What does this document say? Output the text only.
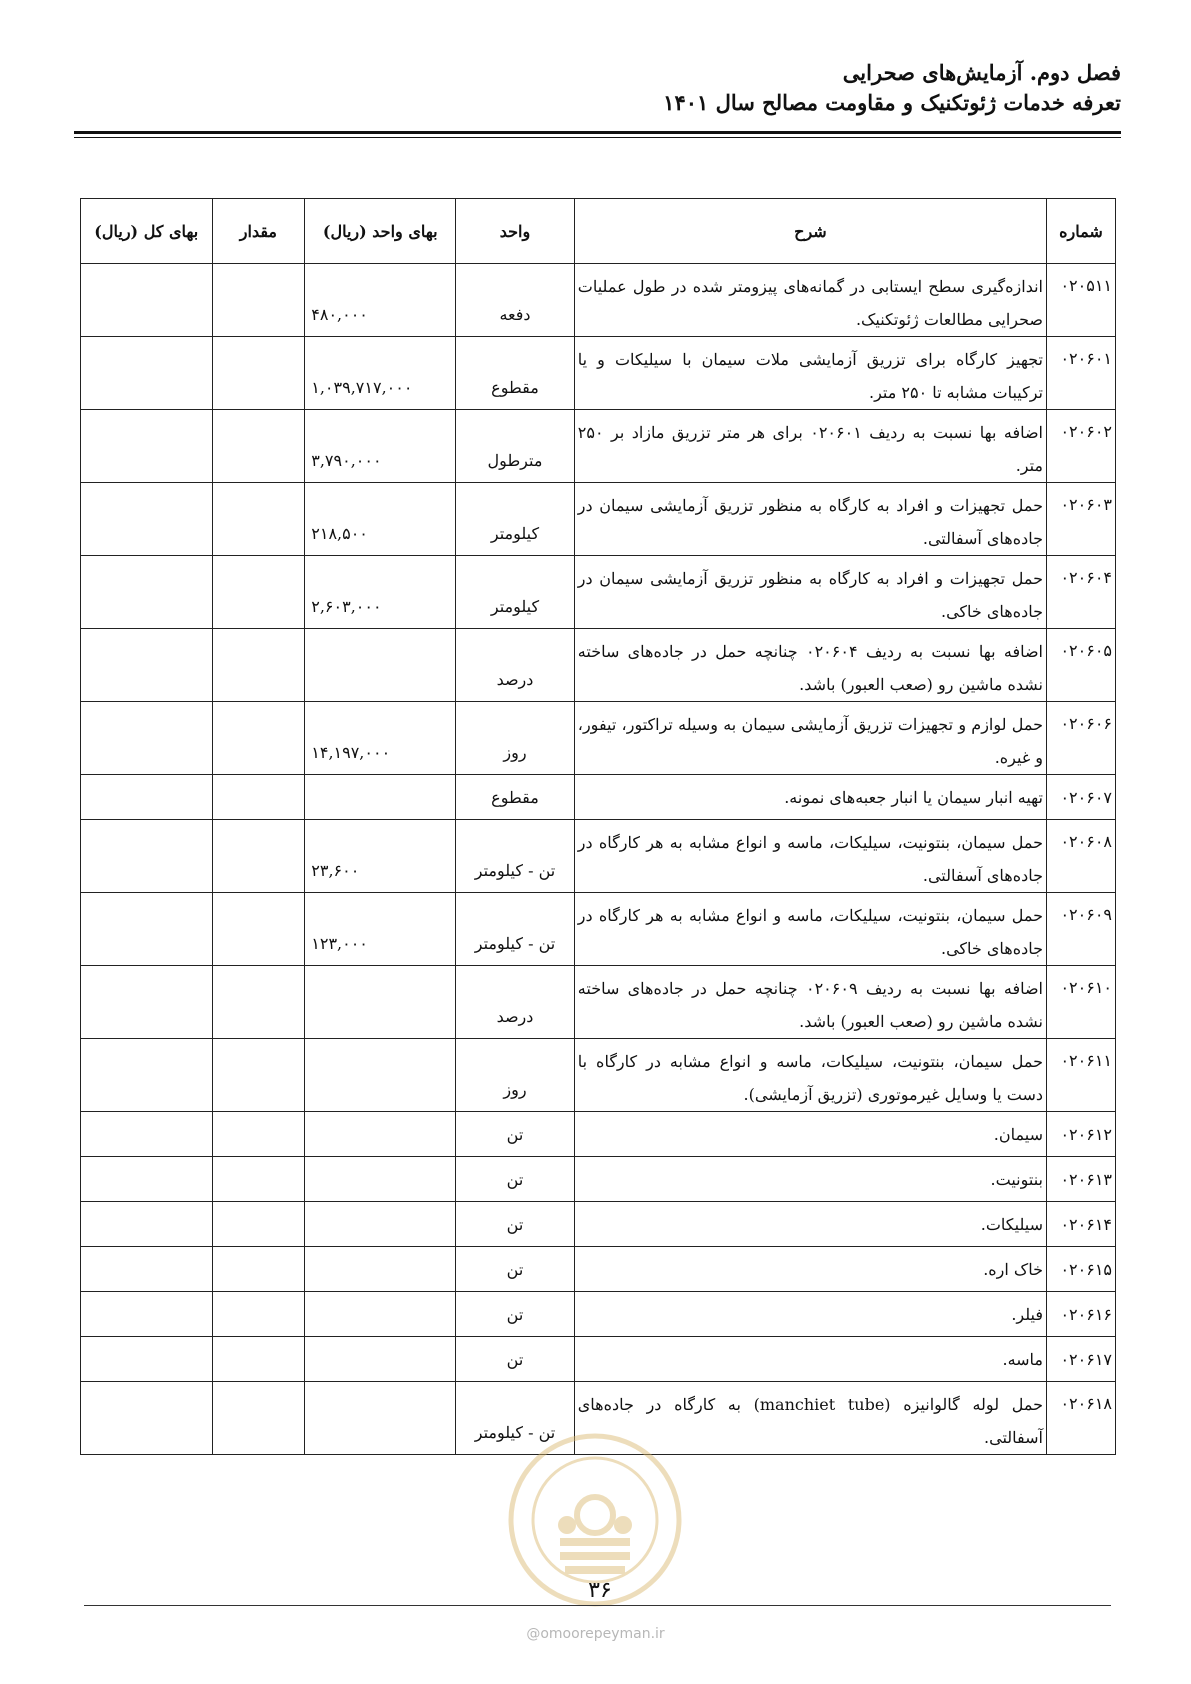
فصل دوم. آزمایش‌های صحرایی
تعرفه خدمات ژئوتکنیک و مقاومت مصالح سال ۱۴۰۱
شماره	شرح	واحد	بهای واحد (ریال)	مقدار	بهای کل (ریال)
۰۲۰۵۱۱	اندازه‌گیری سطح ایستابی در گمانه‌های پیزومتر شده در طول عملیات صحرایی مطالعات ژئوتکنیک.	دفعه	۴۸۰,۰۰۰		
۰۲۰۶۰۱	تجهیز کارگاه برای تزریق آزمایشی ملات سیمان با سیلیکات و یا ترکیبات مشابه تا ۲۵۰ متر.	مقطوع	۱,۰۳۹,۷۱۷,۰۰۰		
۰۲۰۶۰۲	اضافه بها نسبت به ردیف ۰۲۰۶۰۱ برای هر متر تزریق مازاد بر ۲۵۰ متر.	مترطول	۳,۷۹۰,۰۰۰		
۰۲۰۶۰۳	حمل تجهیزات و افراد به کارگاه به منظور تزریق آزمایشی سیمان در جاده‌های آسفالتی.	کیلومتر	۲۱۸,۵۰۰		
۰۲۰۶۰۴	حمل تجهیزات و افراد به کارگاه به منظور تزریق آزمایشی سیمان در جاده‌های خاکی.	کیلومتر	۲,۶۰۳,۰۰۰		
۰۲۰۶۰۵	اضافه بها نسبت به ردیف ۰۲۰۶۰۴ چنانچه حمل در جاده‌های ساخته نشده ماشین رو (صعب العبور) باشد.	درصد			
۰۲۰۶۰۶	حمل لوازم و تجهیزات تزریق آزمایشی سیمان به وسیله تراکتور، تیفور، و غیره.	روز	۱۴,۱۹۷,۰۰۰		
۰۲۰۶۰۷	تهیه انبار سیمان یا انبار جعبه‌های نمونه.	مقطوع			
۰۲۰۶۰۸	حمل سیمان، بنتونیت، سیلیکات، ماسه و انواع مشابه به هر کارگاه در جاده‌های آسفالتی.	تن - کیلومتر	۲۳,۶۰۰		
۰۲۰۶۰۹	حمل سیمان، بنتونیت، سیلیکات، ماسه و انواع مشابه به هر کارگاه در جاده‌های خاکی.	تن - کیلومتر	۱۲۳,۰۰۰		
۰۲۰۶۱۰	اضافه بها نسبت به ردیف ۰۲۰۶۰۹ چنانچه حمل در جاده‌های ساخته نشده ماشین رو (صعب العبور) باشد.	درصد			
۰۲۰۶۱۱	حمل سیمان، بنتونیت، سیلیکات، ماسه و انواع مشابه در کارگاه با دست یا وسایل غیرموتوری (تزریق آزمایشی).	روز			
۰۲۰۶۱۲	سیمان.	تن			
۰۲۰۶۱۳	بنتونیت.	تن			
۰۲۰۶۱۴	سیلیکات.	تن			
۰۲۰۶۱۵	خاک اره.	تن			
۰۲۰۶۱۶	فیلر.	تن			
۰۲۰۶۱۷	ماسه.	تن			
۰۲۰۶۱۸	حمل لوله گالوانیزه (manchiet tube) به کارگاه در جاده‌های آسفالتی.	تن - کیلومتر			
۳۶
@omoorepeyman.ir
